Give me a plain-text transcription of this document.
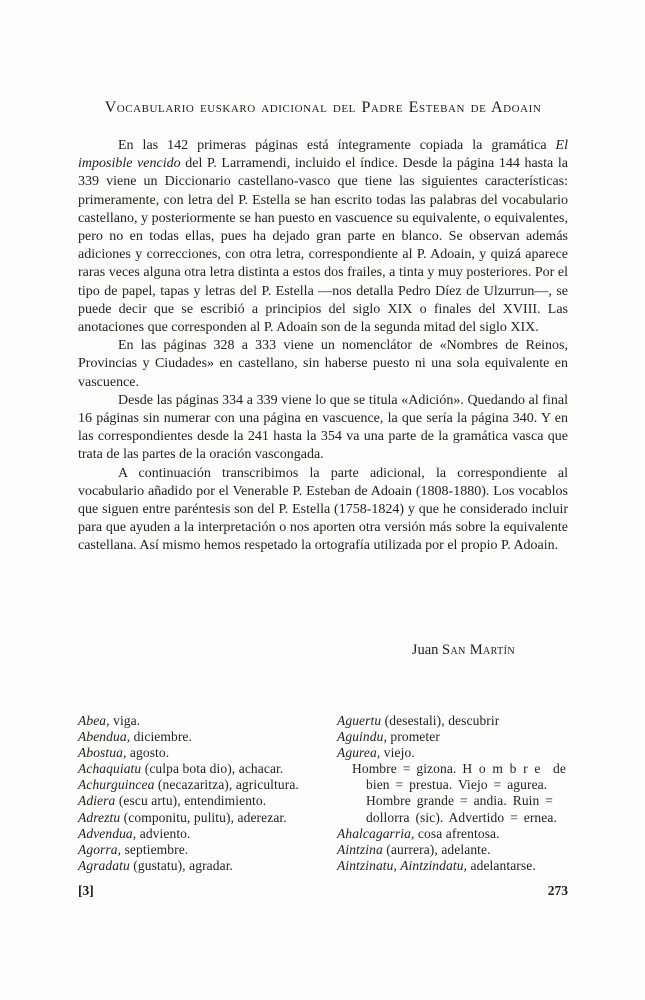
Vocabulario euskaro adicional del Padre Esteban de Adoain

En las 142 primeras páginas está íntegramente copiada la gramática El imposible vencido del P. Larramendi, incluido el índice. Desde la página 144 hasta la 339 viene un Diccionario castellano-vasco que tiene las siguientes características: primeramente, con letra del P. Estella se han escrito todas las palabras del vocabulario castellano, y posteriormente se han puesto en vascuence su equivalente, o equivalentes, pero no en todas ellas, pues ha dejado gran parte en blanco. Se observan además adiciones y correcciones, con otra letra, correspondiente al P. Adoain, y quizá aparece raras veces alguna otra letra distinta a estos dos frailes, a tinta y muy posteriores. Por el tipo de papel, tapas y letras del P. Estella —nos detalla Pedro Díez de Ulzurrun—, se puede decir que se escribió a principios del siglo XIX o finales del XVIII. Las anotaciones que corresponden al P. Adoain son de la segunda mitad del siglo XIX.

En las páginas 328 a 333 viene un nomenclátor de «Nombres de Reinos, Provincias y Ciudades» en castellano, sin haberse puesto ni una sola equivalente en vascuence.

Desde las páginas 334 a 339 viene lo que se titula «Adición». Quedando al final 16 páginas sin numerar con una página en vascuence, la que sería la página 340. Y en las correspondientes desde la 241 hasta la 354 va una parte de la gramática vasca que trata de las partes de la oración vascongada.

A continuación transcribimos la parte adicional, la correspondiente al vocabulario añadido por el Venerable P. Esteban de Adoain (1808-1880). Los vocablos que siguen entre paréntesis son del P. Estella (1758-1824) y que he considerado incluir para que ayuden a la interpretación o nos aporten otra versión más sobre la equivalente castellana. Así mismo hemos respetado la ortografía utilizada por el propio P. Adoain.

Juan San Martín
Abea, viga.
Abendua, diciembre.
Abostua, agosto.
Achaquiatu (culpa bota dio), achacar.
Achurguincea (necazaritza), agricultura.
Adiera (escu artu), entendimiento.
Adreztu (componitu, pulitu), aderezar.
Advendua, adviento.
Agorra, septiembre.
Agradatu (gustatu), agradar.
Aguertu (desestali), descubrir
Aguindu, prometer
Agurea, viejo.
Hombre = gizona. Hombre de
bien = prestua. Viejo = agurea.
Hombre grande = andia. Ruin =
dollorra (sic). Advertido = ernea.
Ahalcagarria, cosa afrentosa.
Aintzina (aurrera), adelante.
Aintzinatu, Aintzindatu, adelantarse.
[3]	273
